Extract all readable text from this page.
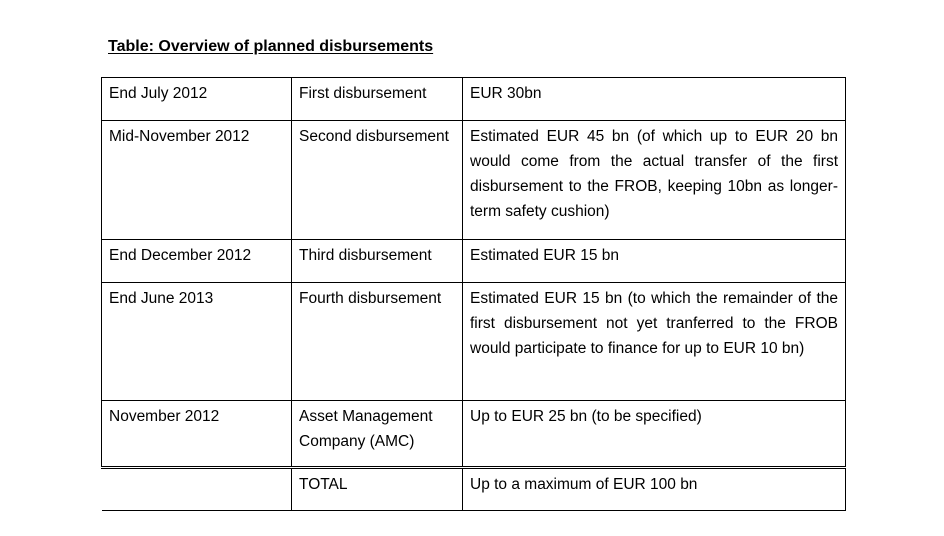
Table: Overview of planned disbursements
End July 2012	First disbursement	EUR 30bn
Mid-November 2012	Second disbursement	Estimated EUR 45 bn (of which up to EUR 20 bn would come from the actual transfer of the first disbursement to the FROB, keeping 10bn as longer-term safety cushion)
End December 2012	Third disbursement	Estimated EUR 15 bn
End June 2013	Fourth disbursement	Estimated EUR 15 bn (to which the remainder of the first disbursement not yet tranferred to the FROB would participate to finance for up to EUR 10 bn)
November 2012	Asset Management Company (AMC)	Up to EUR 25 bn (to be specified)
	TOTAL	Up to a maximum of EUR 100 bn
